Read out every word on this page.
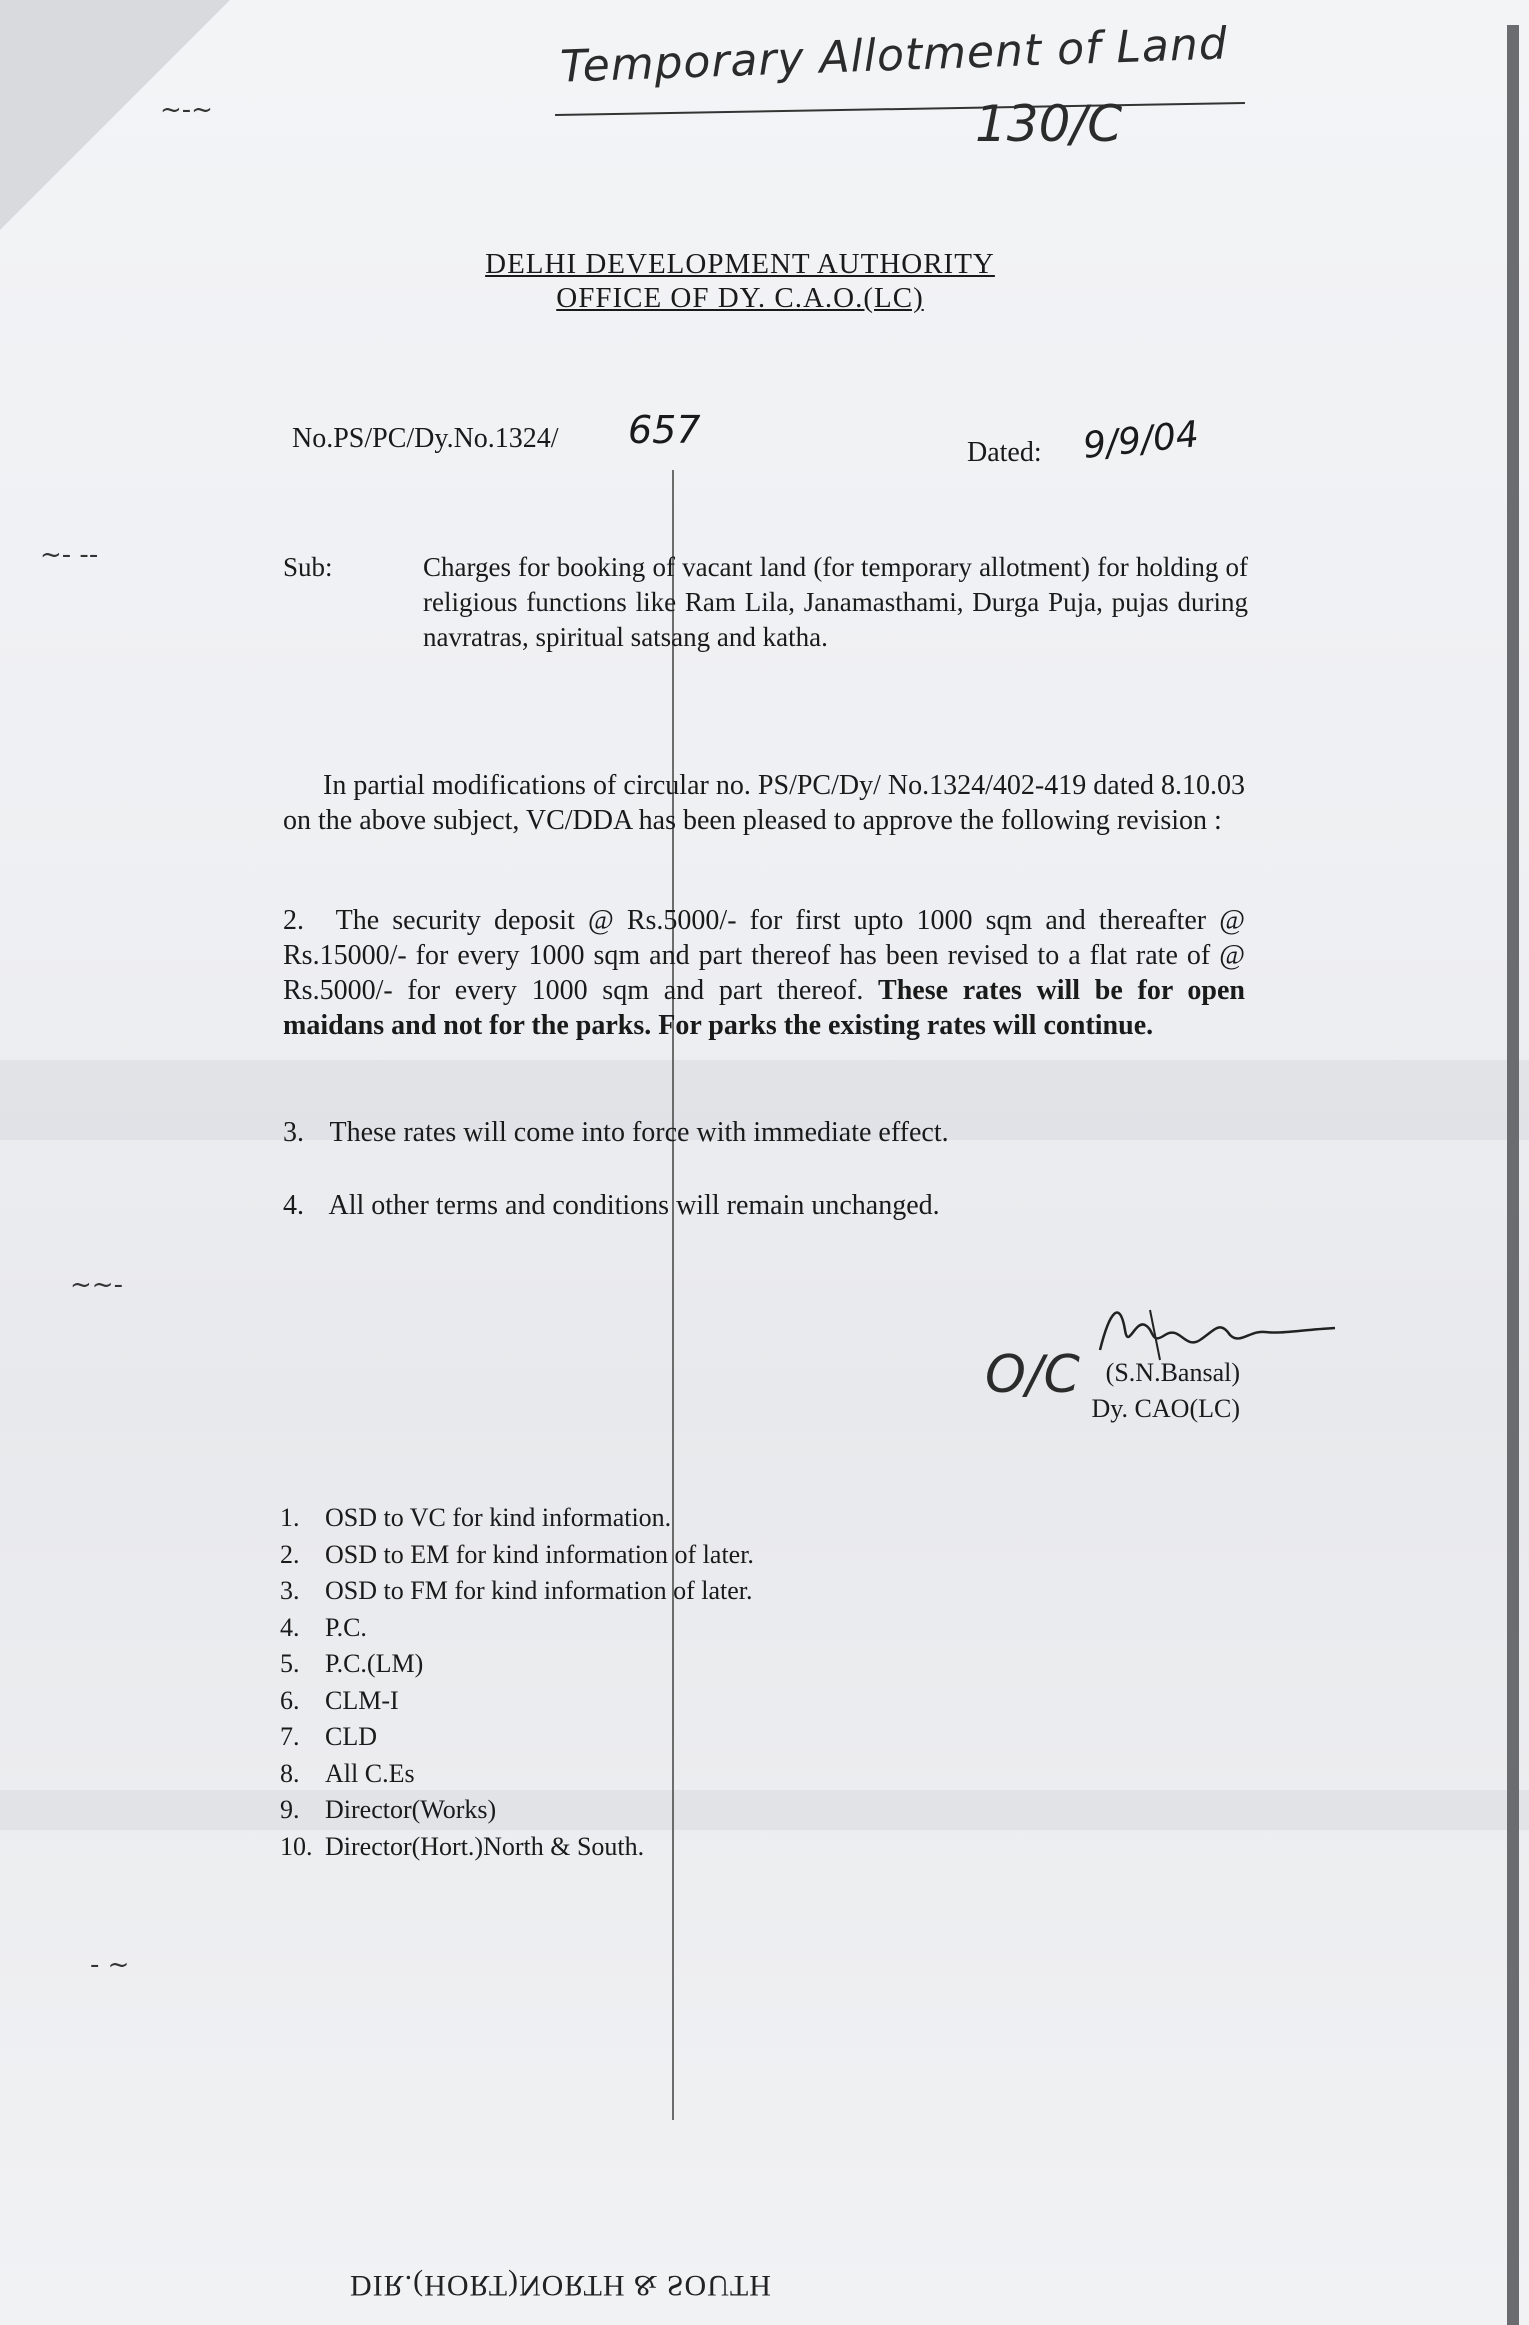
Temporary Allotment of Land
130/C
DELHI DEVELOPMENT AUTHORITY
OFFICE OF DY. C.A.O.(LC)
No.PS/PC/Dy.No.1324/ 657
Dated: 9/9/04
Sub:	Charges for booking of vacant land (for temporary allotment) for holding of religious functions like Ram Lila, Janamasthami, Durga Puja, pujas during navratras, spiritual satsang and katha.
In partial modifications of circular no. PS/PC/Dy/ No.1324/402-419 dated 8.10.03 on the above subject, VC/DDA has been pleased to approve the following revision :
2. The security deposit @ Rs.5000/- for first upto 1000 sqm and thereafter @ Rs.15000/- for every 1000 sqm and part thereof has been revised to a flat rate of @ Rs.5000/- for every 1000 sqm and part thereof. These rates will be for open maidans and not for the parks. For parks the existing rates will continue.
3. These rates will come into force with immediate effect.
4. All other terms and conditions will remain unchanged.
O/C (S.N.Bansal)
Dy. CAO(LC)
1. OSD to VC for kind information.
2. OSD to EM for kind information of later.
3. OSD to FM for kind information of later.
4. P.C.
5. P.C.(LM)
6. CLM-I
7. CLD
8. All C.Es
9. Director(Works)
10. Director(Hort.)North & South.
DIR.(HORT)NORTH & SOUTH
~-~
~- --
~~-
- ~
